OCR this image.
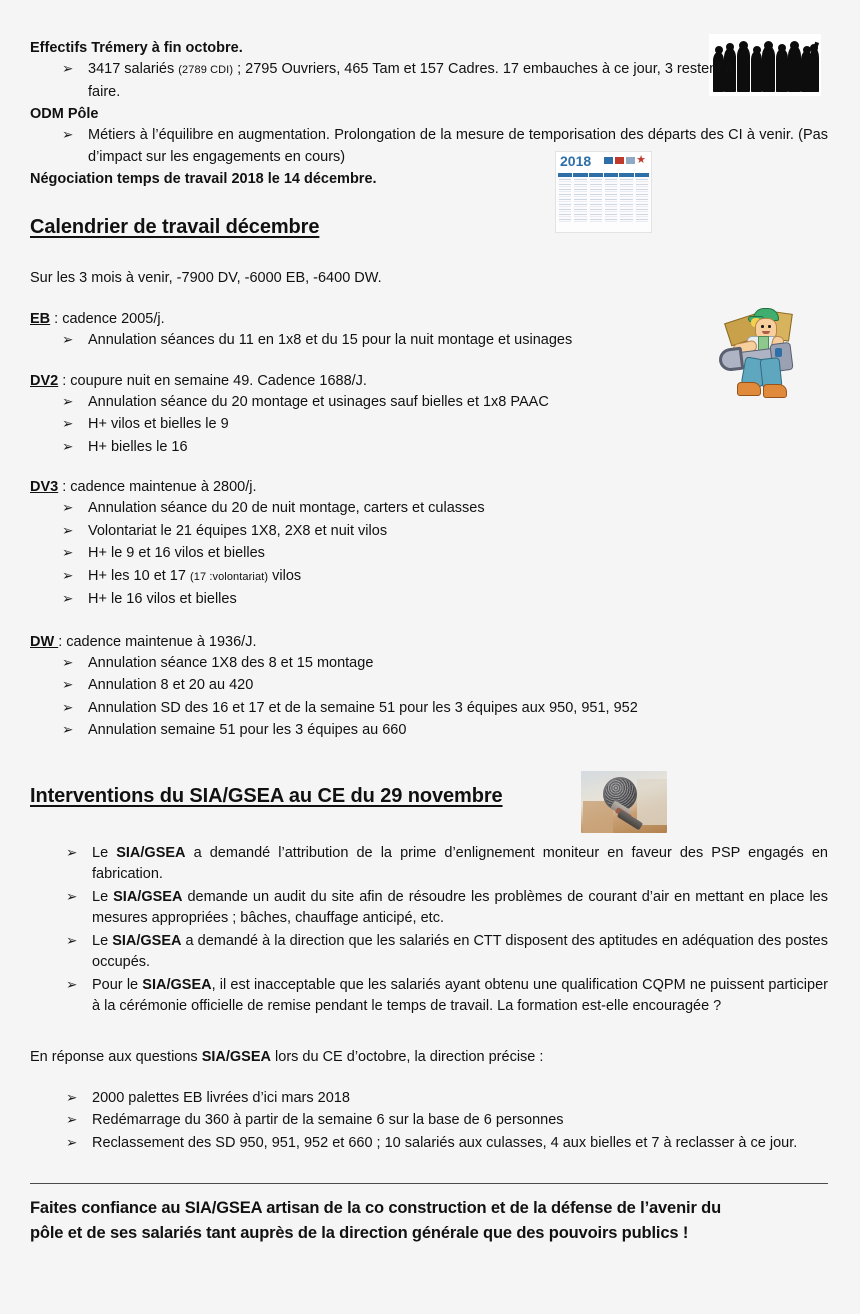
2018	★

Effectifs Trémery à fin octobre.

➢ 3417 salariés (2789 CDI) ; 2795 Ouvriers, 465 Tam et 157 Cadres. 17 embauches à ce jour, 3 restent à faire.

ODM Pôle

➢ Métiers à l’équilibre en augmentation. Prolongation de la mesure de temporisation des départs des CI à venir. (Pas d’impact sur les engagements en cours)

Négociation temps de travail 2018 le 14 décembre.

Calendrier de travail décembre

Sur les 3 mois à venir, -7900 DV, -6000 EB, -6400 DW.

EB : cadence 2005/j.

➢ Annulation séances du 11 en 1x8 et du 15 pour la nuit montage et usinages

DV2 : coupure nuit en semaine 49. Cadence 1688/J.

➢ Annulation séance du 20 montage et usinages sauf bielles et 1x8 PAAC
➢ H+ vilos et bielles le 9
➢ H+ bielles le 16

DV3 : cadence maintenue à 2800/j.

➢ Annulation séance du 20 de nuit montage, carters et culasses
➢ Volontariat le 21 équipes 1X8, 2X8 et nuit vilos
➢ H+ le 9 et 16 vilos et bielles
➢ H+ les 10 et 17 (17 :volontariat) vilos
➢ H+ le 16 vilos et bielles

DW : cadence maintenue à 1936/J.

➢ Annulation séance 1X8 des 8 et 15 montage
➢ Annulation 8 et 20 au 420
➢ Annulation SD des 16 et 17 et de la semaine 51 pour les 3 équipes aux 950, 951, 952
➢ Annulation semaine 51 pour les 3 équipes au 660
Interventions du SIA/GSEA au CE du 29 novembre
➢ Le SIA/GSEA a demandé l’attribution de la prime d’enlignement moniteur en faveur des PSP engagés en fabrication.
➢ Le SIA/GSEA demande un audit du site afin de résoudre les problèmes de courant d’air en mettant en place les mesures appropriées ; bâches, chauffage anticipé, etc.
➢ Le SIA/GSEA a demandé à la direction que les salariés en CTT disposent des aptitudes en adéquation des postes occupés.
➢ Pour le SIA/GSEA, il est inacceptable que les salariés ayant obtenu une qualification CQPM ne puissent participer à la cérémonie officielle de remise pendant le temps de travail. La formation est-elle encouragée ?

En réponse aux questions SIA/GSEA lors du CE d’octobre, la direction précise :

➢ 2000 palettes EB livrées d’ici mars 2018
➢ Redémarrage du 360 à partir de la semaine 6 sur la base de 6 personnes
➢ Reclassement des SD 950, 951, 952 et 660 ; 10 salariés aux culasses, 4 aux bielles et 7 à reclasser à ce jour.

Faites confiance au SIA/GSEA artisan de la co construction et de la défense de l’avenir du

pôle et de ses salariés tant auprès de la direction générale que des pouvoirs publics !
